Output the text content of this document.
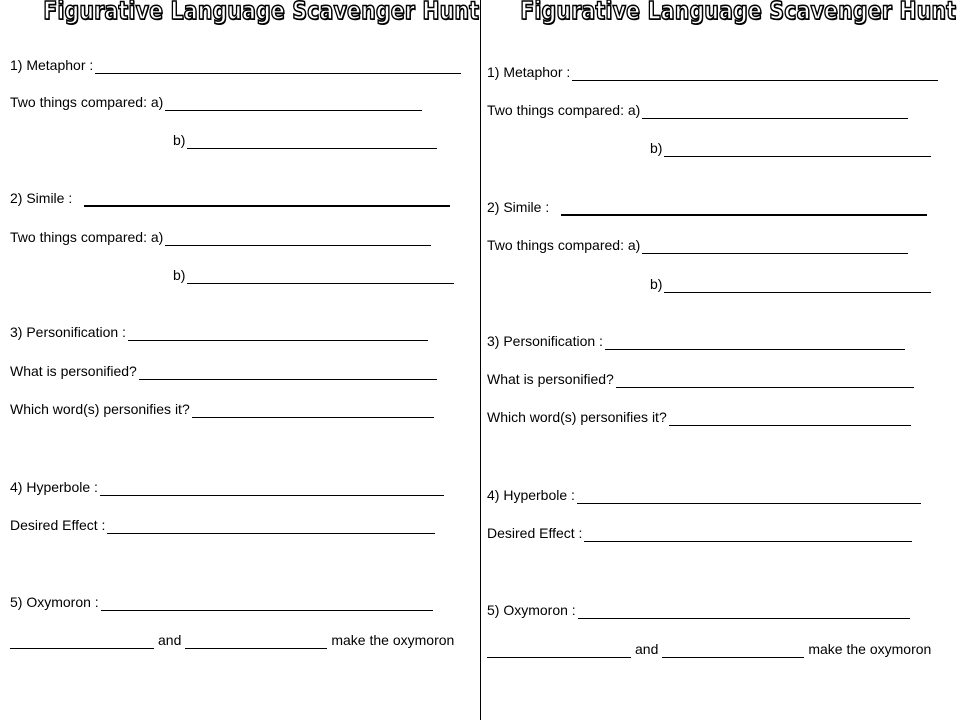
Figurative Language Scavenger Hunt
1) Metaphor :
Two things compared: a)
b)
2) Simile :
Two things compared: a)
b)
3) Personification :
What is personified?
Which word(s) personifies it?
4) Hyperbole :
Desired Effect :
5) Oxymoron :
and	make the oxymoron
Figurative Language Scavenger Hunt
1) Metaphor :
Two things compared: a)
b)
2) Simile :
Two things compared: a)
b)
3) Personification :
What is personified?
Which word(s) personifies it?
4) Hyperbole :
Desired Effect :
5) Oxymoron :
and	make the oxymoron
